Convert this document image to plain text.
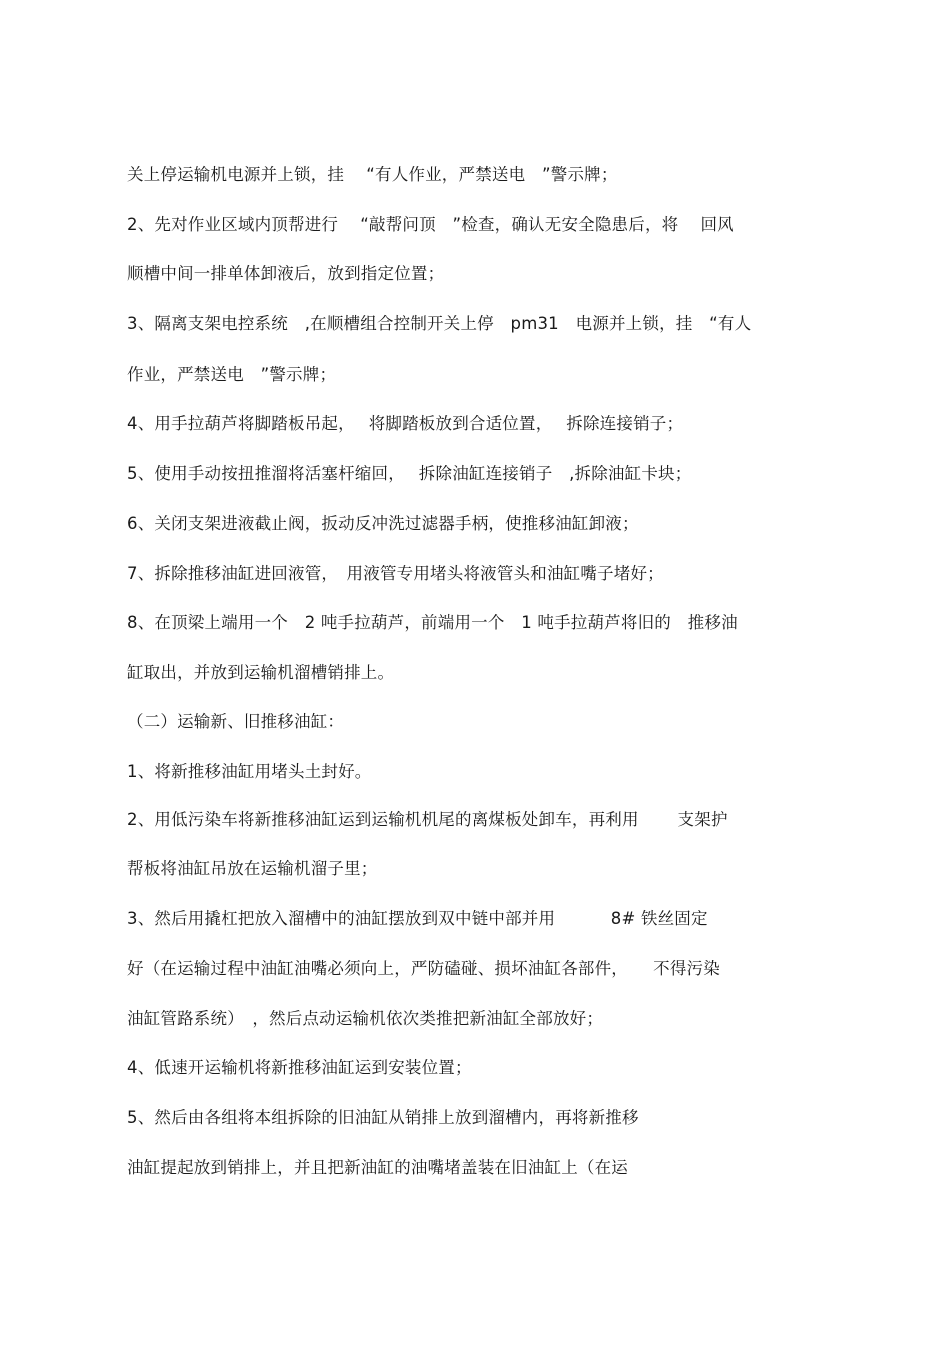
关上停运输机电源并上锁，挂　 “有人作业，严禁送电　”警示牌；
2、先对作业区域内顶帮进行　 “敲帮问顶　”检查，确认无安全隐患后，将　 回风
顺槽中间一排单体卸液后，放到指定位置；
3、隔离支架电控系统　,在顺槽组合控制开关上停　pm31　电源并上锁，挂　“有人
作业，严禁送电　”警示牌；
4、用手拉葫芦将脚踏板吊起，　 将脚踏板放到合适位置，　 拆除连接销子；
5、使用手动按扭推溜将活塞杆缩回，　 拆除油缸连接销子　,拆除油缸卡块；
6、关闭支架进液截止阀，扳动反冲洗过滤器手柄，使推移油缸卸液；
7、拆除推移油缸进回液管，　用液管专用堵头将液管头和油缸嘴子堵好；
8、在顶梁上端用一个　2 吨手拉葫芦，前端用一个　1 吨手拉葫芦将旧的　推移油
缸取出，并放到运输机溜槽销排上。
（二）运输新、旧推移油缸：
1、将新推移油缸用堵头土封好。
2、用低污染车将新推移油缸运到运输机机尾的离煤板处卸车，再利用　　 支架护
帮板将油缸吊放在运输机溜子里；
3、然后用撬杠把放入溜槽中的油缸摆放到双中链中部并用　　　 8# 铁丝固定
好（在运输过程中油缸油嘴必须向上，严防磕碰、损坏油缸各部件，　　不得污染
油缸管路系统）　，然后点动运输机依次类推把新油缸全部放好；
4、低速开运输机将新推移油缸运到安装位置；
5、然后由各组将本组拆除的旧油缸从销排上放到溜槽内，再将新推移
油缸提起放到销排上，并且把新油缸的油嘴堵盖装在旧油缸上（在运
